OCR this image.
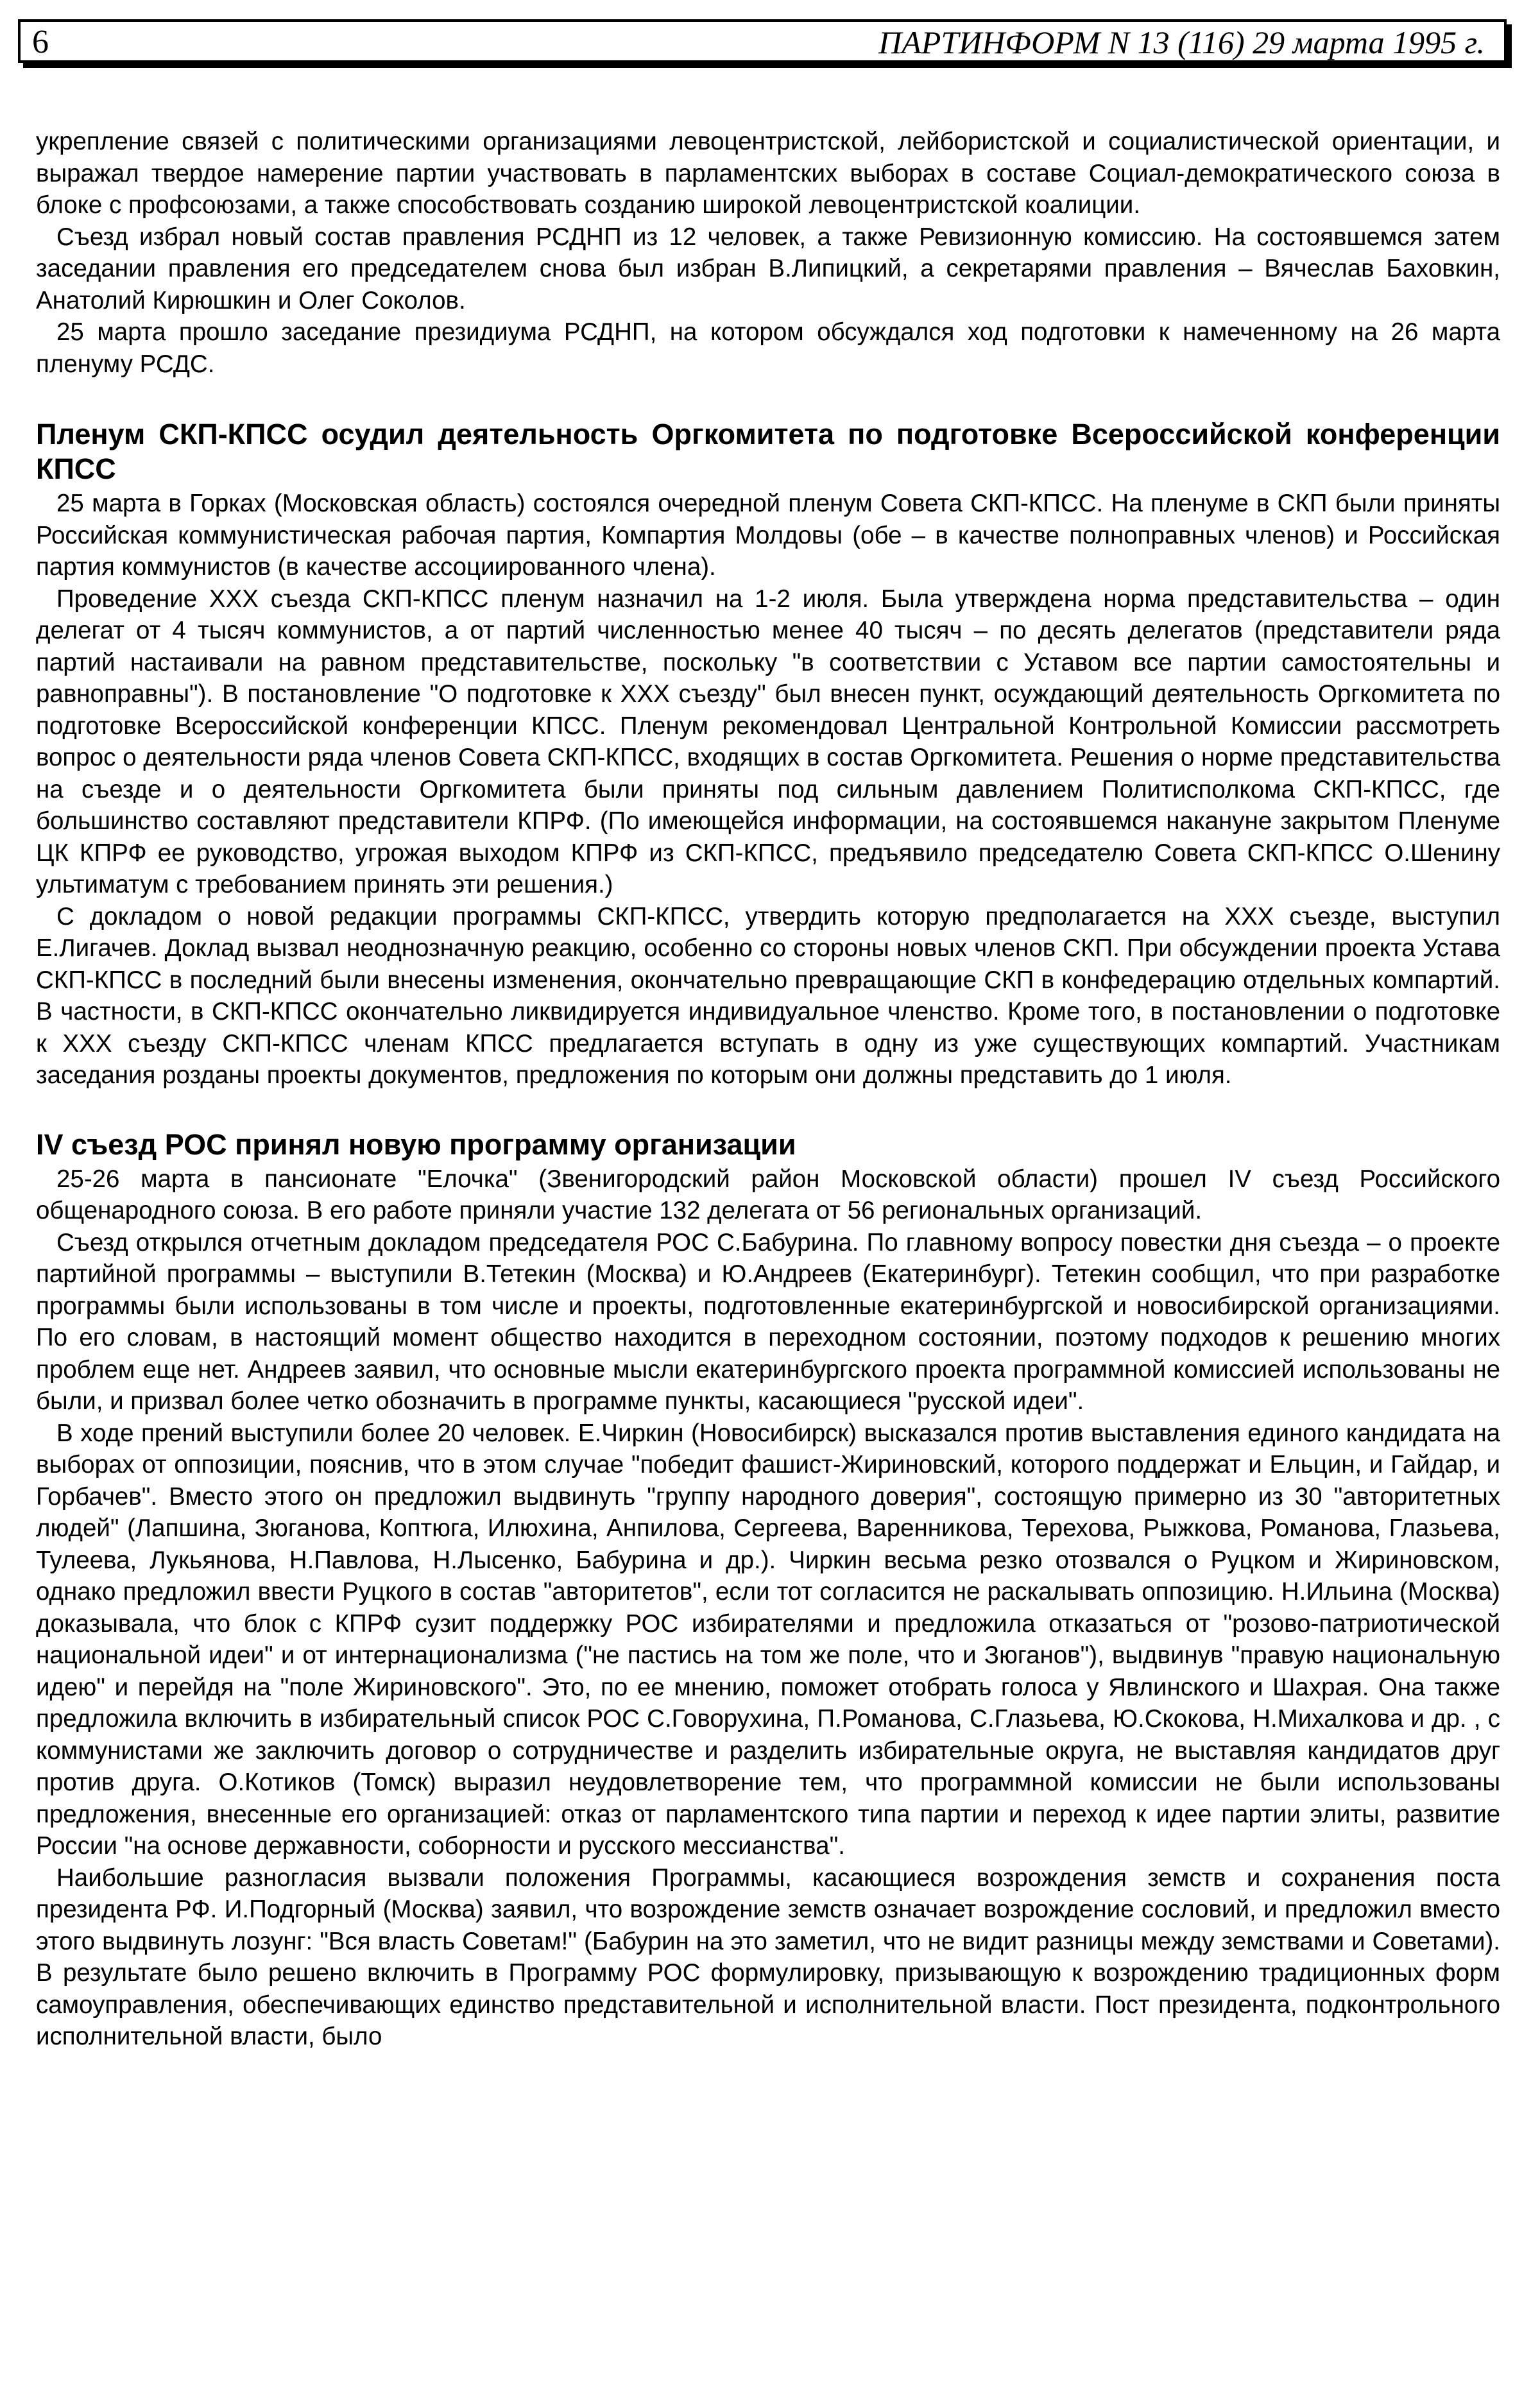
6	ПАРТИНФОРМ N 13 (116) 29 марта 1995 г.

укрепление связей с политическими организациями левоцентристской, лейбористской и социалистической ориентации, и выражал твердое намерение партии участвовать в парламентских выборах в составе Социал-демократического союза в блоке с профсоюзами, а также способствовать созданию широкой левоцентристской коалиции.

Съезд избрал новый состав правления РСДНП из 12 человек, а также Ревизионную комиссию. На состоявшемся затем заседании правления его председателем снова был избран В.Липицкий, а секретарями правления – Вячеслав Баховкин, Анатолий Кирюшкин и Олег Соколов.

25 марта прошло заседание президиума РСДНП, на котором обсуждался ход подготовки к намеченному на 26 марта пленуму РСДС.

Пленум СКП-КПСС осудил деятельность Оргкомитета по подготовке Всероссийской конференции КПСС

25 марта в Горках (Московская область) состоялся очередной пленум Совета СКП-КПСС. На пленуме в СКП были приняты Российская коммунистическая рабочая партия, Компартия Молдовы (обе – в качестве полноправных членов) и Российская партия коммунистов (в качестве ассоциированного члена).

Проведение XXX съезда СКП-КПСС пленум назначил на 1-2 июля. Была утверждена норма представительства – один делегат от 4 тысяч коммунистов, а от партий численностью менее 40 тысяч – по десять делегатов (представители ряда партий настаивали на равном представительстве, поскольку "в соответствии с Уставом все партии самостоятельны и равноправны"). В постановление "О подготовке к XXX съезду" был внесен пункт, осуждающий деятельность Оргкомитета по подготовке Всероссийской конференции КПСС. Пленум рекомендовал Центральной Контрольной Комиссии рассмотреть вопрос о деятельности ряда членов Совета СКП-КПСС, входящих в состав Оргкомитета. Решения о норме представительства на съезде и о деятельности Оргкомитета были приняты под сильным давлением Политисполкома СКП-КПСС, где большинство составляют представители КПРФ. (По имеющейся информации, на состоявшемся накануне закрытом Пленуме ЦК КПРФ ее руководство, угрожая выходом КПРФ из СКП-КПСС, предъявило председателю Совета СКП-КПСС О.Шенину ультиматум с требованием принять эти решения.)

С докладом о новой редакции программы СКП-КПСС, утвердить которую предполагается на XXX съезде, выступил Е.Лигачев. Доклад вызвал неоднозначную реакцию, особенно со стороны новых членов СКП. При обсуждении проекта Устава СКП-КПСС в последний были внесены изменения, окончательно превращающие СКП в конфедерацию отдельных компартий. В частности, в СКП-КПСС окончательно ликвидируется индивидуальное членство. Кроме того, в постановлении о подготовке к XXX съезду СКП-КПСС членам КПСС предлагается вступать в одну из уже существующих компартий. Участникам заседания розданы проекты документов, предложения по которым они должны представить до 1 июля.

IV съезд РОС принял новую программу организации

25-26 марта в пансионате "Елочка" (Звенигородский район Московской области) прошел IV съезд Российского общенародного союза. В его работе приняли участие 132 делегата от 56 региональных организаций.

Съезд открылся отчетным докладом председателя РОС С.Бабурина. По главному вопросу повестки дня съезда – о проекте партийной программы – выступили В.Тетекин (Москва) и Ю.Андреев (Екатеринбург). Тетекин сообщил, что при разработке программы были использованы в том числе и проекты, подготовленные екатеринбургской и новосибирской организациями. По его словам, в настоящий момент общество находится в переходном состоянии, поэтому подходов к решению многих проблем еще нет. Андреев заявил, что основные мысли екатеринбургского проекта программной комиссией использованы не были, и призвал более четко обозначить в программе пункты, касающиеся "русской идеи".

В ходе прений выступили более 20 человек. Е.Чиркин (Новосибирск) высказался против выставления единого кандидата на выборах от оппозиции, пояснив, что в этом случае "победит фашист-Жириновский, которого поддержат и Ельцин, и Гайдар, и Горбачев". Вместо этого он предложил выдвинуть "группу народного доверия", состоящую примерно из 30 "авторитетных людей" (Лапшина, Зюганова, Коптюга, Илюхина, Анпилова, Сергеева, Варенникова, Терехова, Рыжкова, Романова, Глазьева, Тулеева, Лукьянова, Н.Павлова, Н.Лысенко, Бабурина и др.). Чиркин весьма резко отозвался о Руцком и Жириновском, однако предложил ввести Руцкого в состав "авторитетов", если тот согласится не раскалывать оппозицию. Н.Ильина (Москва) доказывала, что блок с КПРФ сузит поддержку РОС избирателями и предложила отказаться от "розово-патриотической национальной идеи" и от интернационализма ("не пастись на том же поле, что и Зюганов"), выдвинув "правую национальную идею" и перейдя на "поле Жириновского". Это, по ее мнению, поможет отобрать голоса у Явлинского и Шахрая. Она также предложила включить в избирательный список РОС С.Говорухина, П.Романова, С.Глазьева, Ю.Скокова, Н.Михалкова и др. , с коммунистами же заключить договор о сотрудничестве и разделить избирательные округа, не выставляя кандидатов друг против друга. О.Котиков (Томск) выразил неудовлетворение тем, что программной комиссии не были использованы предложения, внесенные его организацией: отказ от парламентского типа партии и переход к идее партии элиты, развитие России "на основе державности, соборности и русского мессианства".

Наибольшие разногласия вызвали положения Программы, касающиеся возрождения земств и сохранения поста президента РФ. И.Подгорный (Москва) заявил, что возрождение земств означает возрождение сословий, и предложил вместо этого выдвинуть лозунг: "Вся власть Советам!" (Бабурин на это заметил, что не видит разницы между земствами и Советами). В результате было решено включить в Программу РОС формулировку, призывающую к возрождению традиционных форм самоуправления, обеспечивающих единство представительной и исполнительной власти. Пост президента, подконтрольного исполнительной власти, было
